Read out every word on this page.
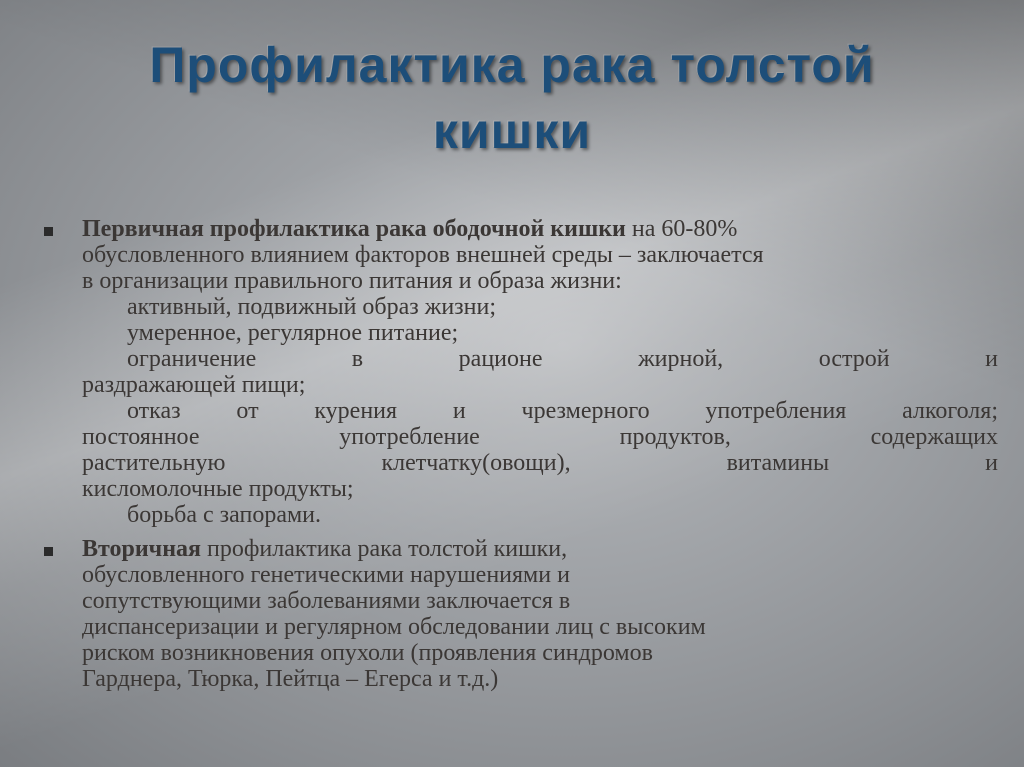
Профилактика рака толстой
кишки
Первичная профилактика рака ободочной кишки на 60-80%
обусловленного влиянием факторов внешней среды – заключается
в организации правильного питания и образа жизни:
активный, подвижный образ жизни;
умеренное, регулярное питание;
ограничение в рационе жирной, острой и
раздражающей пищи;
отказ от курения и чрезмерного употребления алкоголя;
постоянное употребление продуктов, содержащих
растительную клетчатку(овощи), витамины и
кисломолочные продукты;
борьба с запорами.
Вторичная профилактика рака толстой кишки,
обусловленного генетическими нарушениями и
сопутствующими заболеваниями заключается в
диспансеризации и регулярном обследовании лиц с высоким
риском возникновения опухоли (проявления синдромов
Гарднера, Тюрка, Пейтца – Егерса и т.д.)
